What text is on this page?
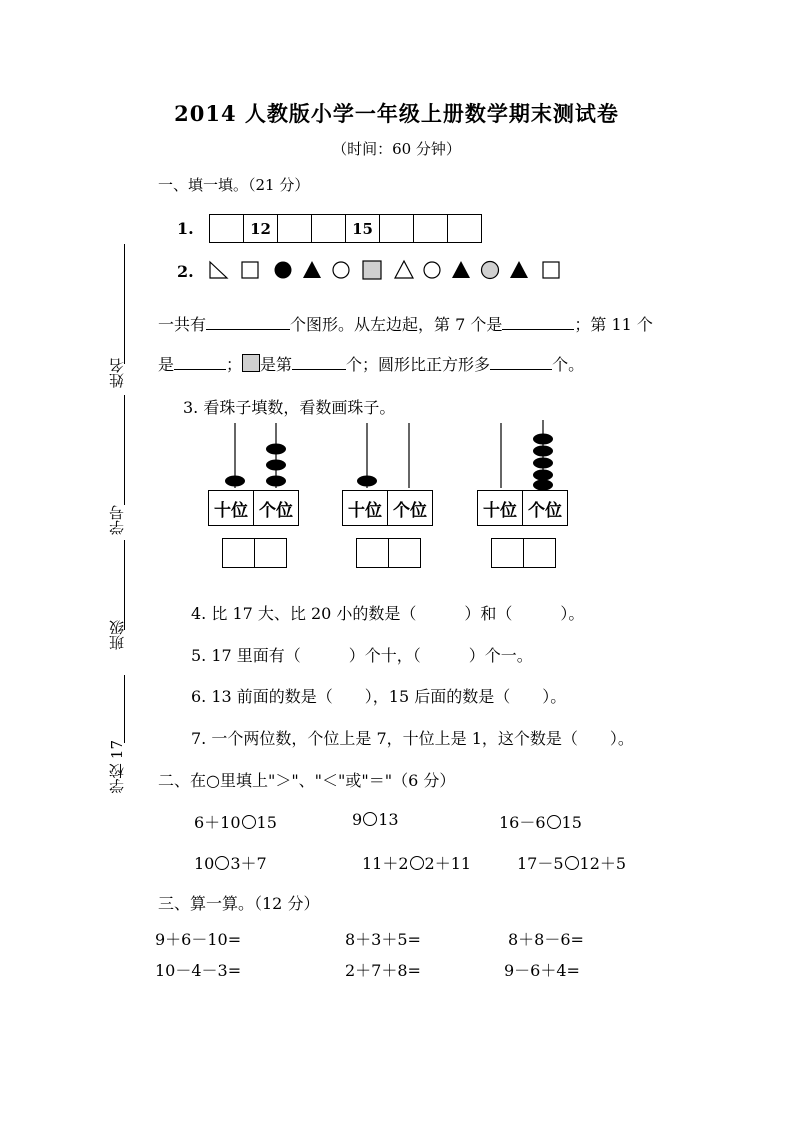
2014 人教版小学一年级上册数学期末测试卷
（时间：60 分钟）
姓名
学号
班级
学校 17
一、填一填。（21 分）
1.	12	15
2.
一共有	个图形。从左边起，第 7 个是	；第 11 个
是	； 是第	个；圆形比正方形多	个。
3. 看珠子填数，看数画珠子。
十位 个位	十位 个位	十位 个位
4. 比 17 大、比 20 小的数是（　　　）和（　　　）。
5. 17 里面有（　　　）个十，（　　　）个一。
6. 13 前面的数是（　　），15 后面的数是（　　）。
7. 一个两位数，个位上是 7，十位上是 1，这个数是（　　）。
二、在○里填上"＞"、"＜"或"＝"（6 分）
6＋10 15	9 13	16－6 15
10 3＋7	11＋2 2＋11	17－5 12＋5
三、算一算。（12 分）
9＋6－10=	8＋3＋5=	8＋8－6=
10－4－3=	2＋7＋8=	9－6＋4=
